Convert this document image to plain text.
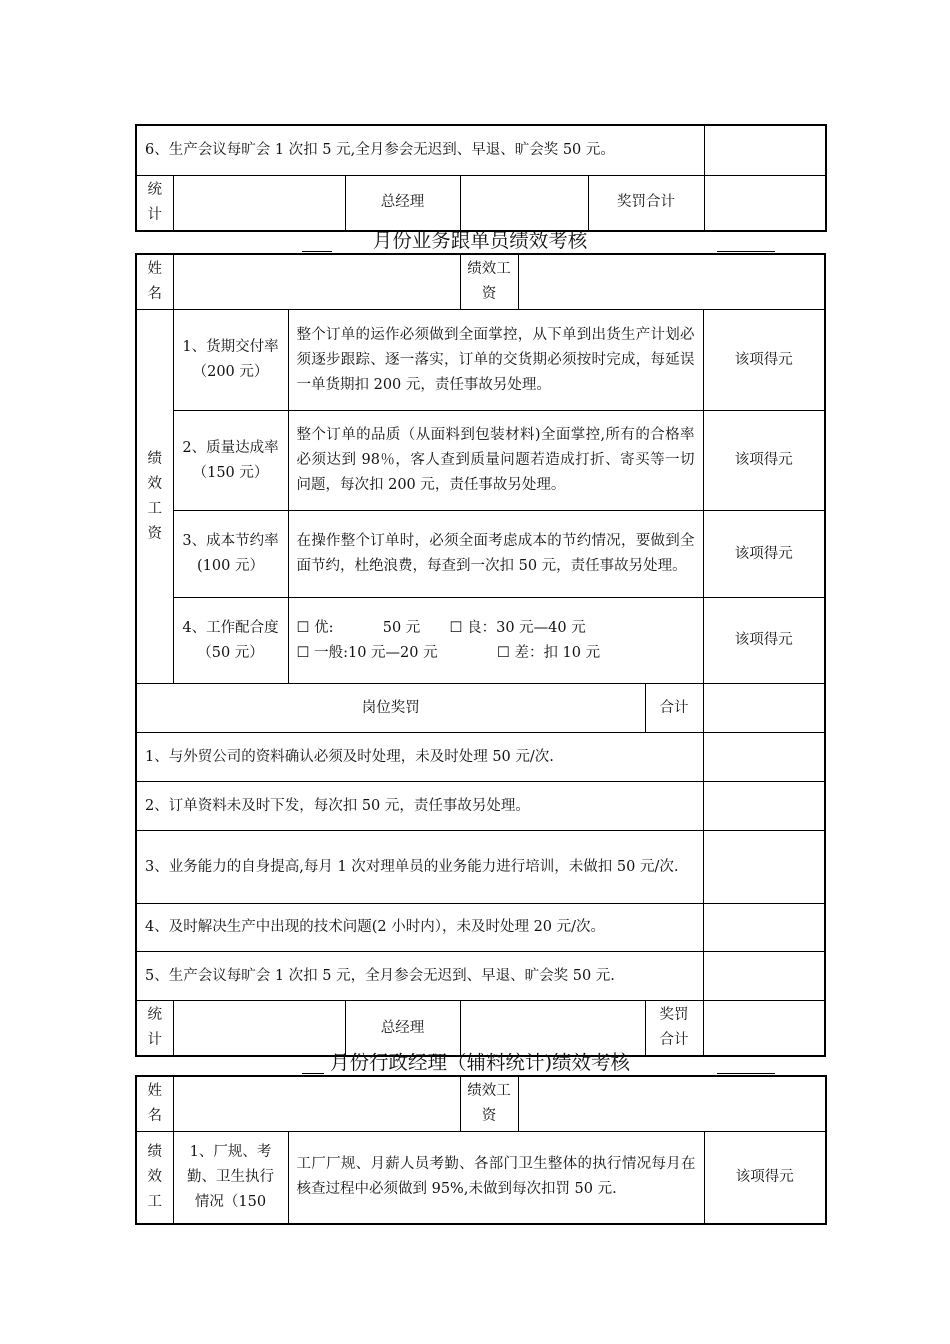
6、生产会议每旷会 1 次扣 5 元,全月参会无迟到、早退、旷会奖 50 元。					
统计		总经理		奖罚合计	
月份业务跟单员绩效考核
姓名				绩效工资			
绩效工资	1、货期交付率（200 元）	整个订单的运作必须做到全面掌控，从下单到出货生产计划必须逐步跟踪、逐一落实，订单的交货期必须按时完成，每延误一单货期扣 200 元，责任事故另处理。					该项得元
	2、质量达成率（150 元）	整个订单的品质（从面料到包装材料)全面掌控,所有的合格率必须达到 98％，客人查到质量问题若造成打折、寄买等一切问题，每次扣 200 元，责任事故另处理。					该项得元
	3、成本节约率(100 元）	在操作整个订单时，必须全面考虑成本的节约情况，要做到全面节约，杜绝浪费，每查到一次扣 50 元，责任事故另处理。					该项得元
	4、工作配合度（50 元）	☐ 优: 50 元 ☐ 良：30 元—40 元
☐ 一般:10 元—20 元 ☐ 差：扣 10 元					该项得元
岗位奖罚						合计	
1、与外贸公司的资料确认必须及时处理，未及时处理 50 元/次.							
2、订单资料未及时下发，每次扣 50 元，责任事故另处理。							

3、业务能力的自身提高,每月 1 次对理单员的业务能力进行培训，未做扣 50 元/次.							

4、及时解决生产中出现的技术问题(2 小时内），未及时处理 20 元/次。							
5、生产会议每旷会 1 次扣 5 元，全月参会无迟到、早退、旷会奖 50 元.							
统计			总经理			奖罚合计	
月份行政经理（辅料统计)绩效考核
姓名			绩效工资		
绩效工	1、厂规、考勤、卫生执行情况（150	工厂厂规、月薪人员考勤、各部门卫生整体的执行情况每月在核查过程中必须做到 95%,未做到每次扣罚 50 元.			该项得元
